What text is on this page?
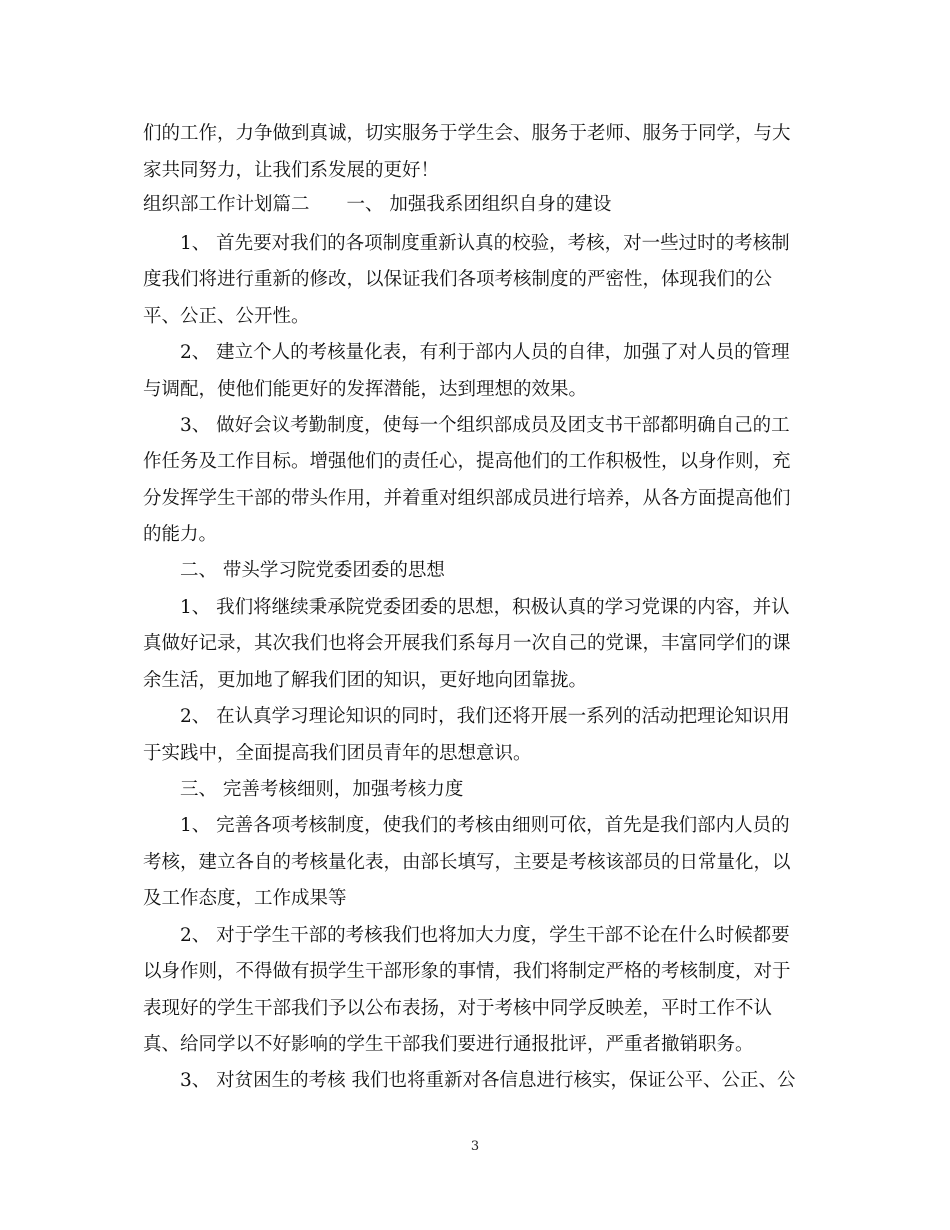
们的工作，力争做到真诚，切实服务于学生会、服务于老师、服务于同学，与大
家共同努力，让我们系发展的更好！
组织部工作计划篇二　　一、 加强我系团组织自身的建设
1、 首先要对我们的各项制度重新认真的校验，考核，对一些过时的考核制
度我们将进行重新的修改，以保证我们各项考核制度的严密性，体现我们的公
平、公正、公开性。
2、 建立个人的考核量化表，有利于部内人员的自律，加强了对人员的管理
与调配，使他们能更好的发挥潜能，达到理想的效果。
3、 做好会议考勤制度，使每一个组织部成员及团支书干部都明确自己的工
作任务及工作目标。增强他们的责任心，提高他们的工作积极性，以身作则，充
分发挥学生干部的带头作用，并着重对组织部成员进行培养，从各方面提高他们
的能力。
二、 带头学习院党委团委的思想
1、 我们将继续秉承院党委团委的思想，积极认真的学习党课的内容，并认
真做好记录，其次我们也将会开展我们系每月一次自己的党课，丰富同学们的课
余生活，更加地了解我们团的知识，更好地向团靠拢。
2、 在认真学习理论知识的同时，我们还将开展一系列的活动把理论知识用
于实践中，全面提高我们团员青年的思想意识。
三、 完善考核细则，加强考核力度
1、 完善各项考核制度，使我们的考核由细则可依，首先是我们部内人员的
考核，建立各自的考核量化表，由部长填写，主要是考核该部员的日常量化，以
及工作态度，工作成果等
2、 对于学生干部的考核我们也将加大力度，学生干部不论在什么时候都要
以身作则，不得做有损学生干部形象的事情，我们将制定严格的考核制度，对于
表现好的学生干部我们予以公布表扬，对于考核中同学反映差，平时工作不认
真、给同学以不好影响的学生干部我们要进行通报批评，严重者撤销职务。
3、 对贫困生的考核 我们也将重新对各信息进行核实，保证公平、公正、公
3
